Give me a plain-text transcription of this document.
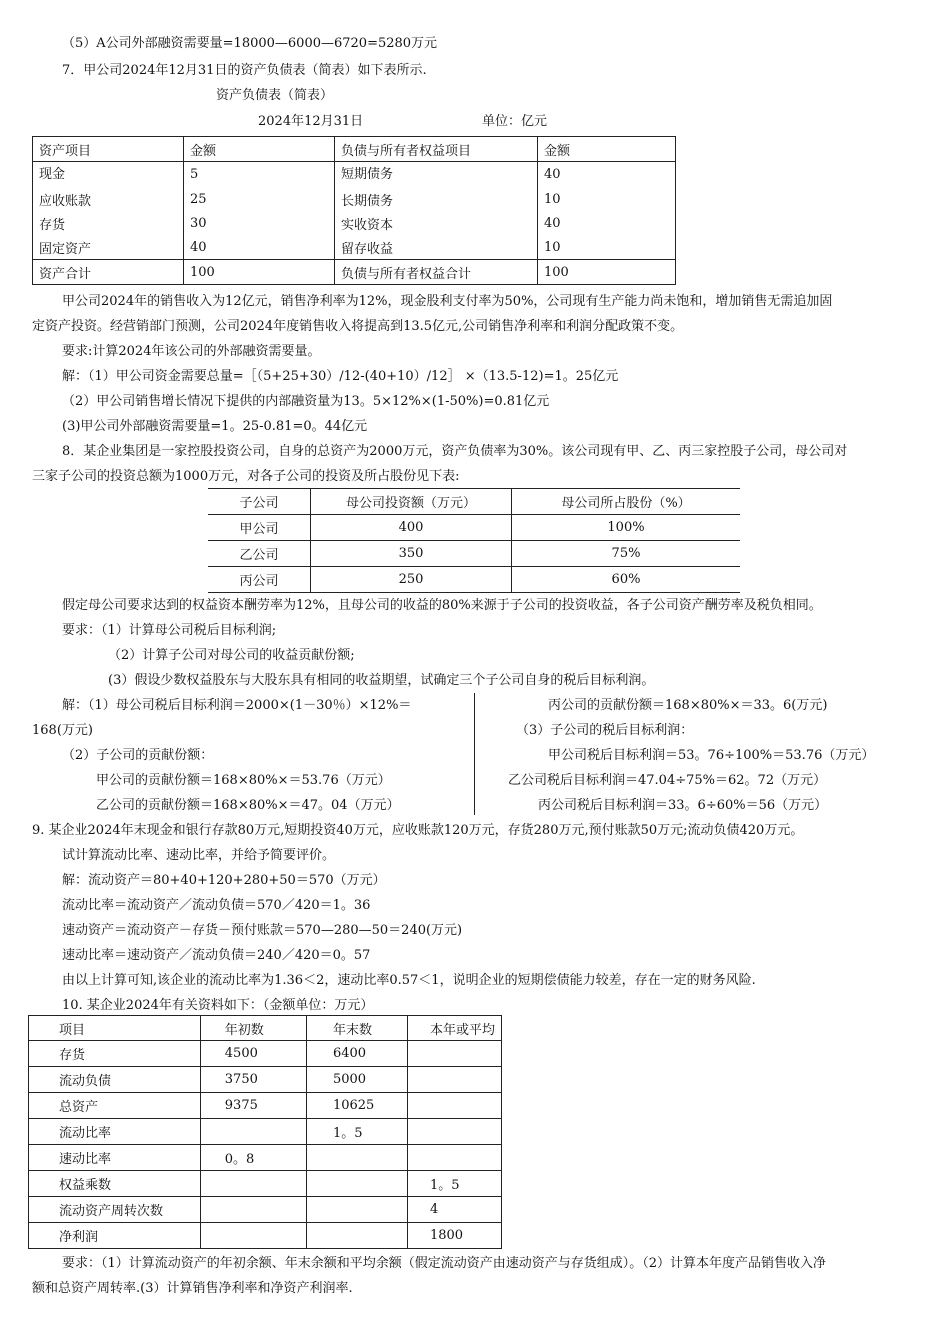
（5）A公司外部融资需要量=18000—6000—6720=5280万元
7．甲公司2024年12月31日的资产负债表（简表）如下表所示.
资产负债表（简表）
2024年12月31日	单位：亿元
资产项目	金额	负债与所有者权益项目	金额

现金	5	短期债务	40

应收账款	25	长期债务	10
存货	30	实收资本	40
固定资产	40	留存收益	10
资产合计	100	负债与所有者权益合计	100
甲公司2024年的销售收入为12亿元，销售净利率为12%，现金股利支付率为50%，公司现有生产能力尚未饱和，增加销售无需追加固
定资产投资。经营销部门预测，公司2024年度销售收入将提高到13.5亿元,公司销售净利率和利润分配政策不变。
要求:计算2024年该公司的外部融资需要量。
解：（1）甲公司资金需要总量=［（5+25+30）/12-(40+10）/12］ ×（13.5-12)=1。25亿元
（2）甲公司销售增长情况下提供的内部融资量为13。5×12%×(1-50%)=0.81亿元
(3)甲公司外部融资需要量=1。25-0.81=0。44亿元
8．某企业集团是一家控股投资公司，自身的总资产为2000万元，资产负债率为30%。该公司现有甲、乙、丙三家控股子公司，母公司对
三家子公司的投资总额为1000万元，对各子公司的投资及所占股份见下表:
子公司	母公司投资额（万元）	母公司所占股份（%）
甲公司	400	100%
乙公司	350	75%
丙公司	250	60%
假定母公司要求达到的权益资本酬劳率为12%，且母公司的收益的80%来源于子公司的投资收益，各子公司资产酬劳率及税负相同。
要求：（1）计算母公司税后目标利润;
（2）计算子公司对母公司的收益贡献份额;
(3）假设少数权益股东与大股东具有相同的收益期望，试确定三个子公司自身的税后目标利润。
解：（1）母公司税后目标利润＝2000×(1－30％）×12%＝
168(万元)
（2）子公司的贡献份额：
甲公司的贡献份额＝168×80%×＝53.76（万元）
乙公司的贡献份额＝168×80%×＝47。04（万元）
丙公司的贡献份额＝168×80%×＝33。6(万元)
（3）子公司的税后目标利润：
甲公司税后目标利润＝53。76÷100%＝53.76（万元）
乙公司税后目标利润＝47.04÷75%＝62。72（万元）
丙公司税后目标利润＝33。6÷60%＝56（万元）
9. 某企业2024年末现金和银行存款80万元,短期投资40万元，应收账款120万元，存货280万元,预付账款50万元;流动负债420万元。
试计算流动比率、速动比率，并给予简要评价。
解：流动资产＝80+40+120+280+50＝570（万元）
流动比率＝流动资产／流动负债＝570／420＝1。36
速动资产＝流动资产－存货－预付账款＝570—280—50＝240(万元)
速动比率＝速动资产／流动负债＝240／420＝0。57
由以上计算可知,该企业的流动比率为1.36＜2，速动比率0.57＜1，说明企业的短期偿债能力较差，存在一定的财务风险.
10. 某企业2024年有关资料如下：（金额单位：万元）
项目	年初数	年末数	本年或平均
存货	4500	6400	
流动负债	3750	5000	
总资产	9375	10625	
流动比率		1。5	
速动比率	0。8		
权益乘数			1。5
流动资产周转次数			4
净利润			1800
要求：（1）计算流动资产的年初余额、年末余额和平均余额（假定流动资产由速动资产与存货组成）。（2）计算本年度产品销售收入净
额和总资产周转率.(3）计算销售净利率和净资产利润率.
